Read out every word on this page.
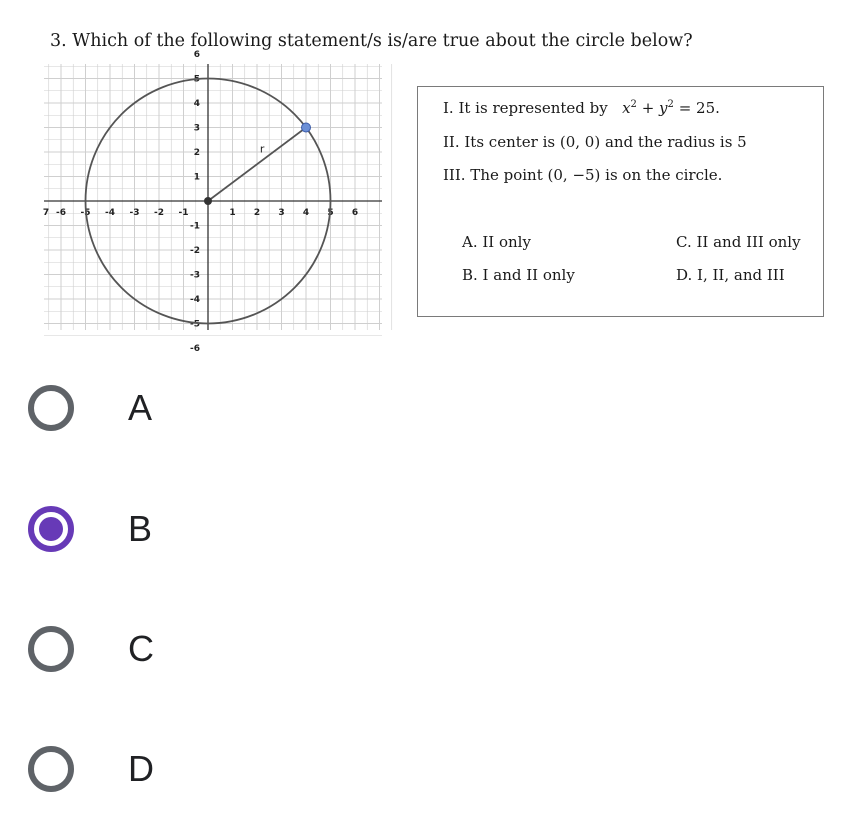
3. Which of the following statement/s is/are true about the circle below?
-6 -5 -4 -3 -2 -1	1 2 3 4 5 6
6
5
4
3
2
1
-1
-2
-3
-4
-5
-6
7
r
I. It is represented by $x^2 + y^2 = 25$.
II. Its center is (0, 0) and the radius is 5
III. The point (0, −5) is on the circle.
A. II only	C. II and III only
B. I and II only	D. I, II, and III
A
B
C
D
